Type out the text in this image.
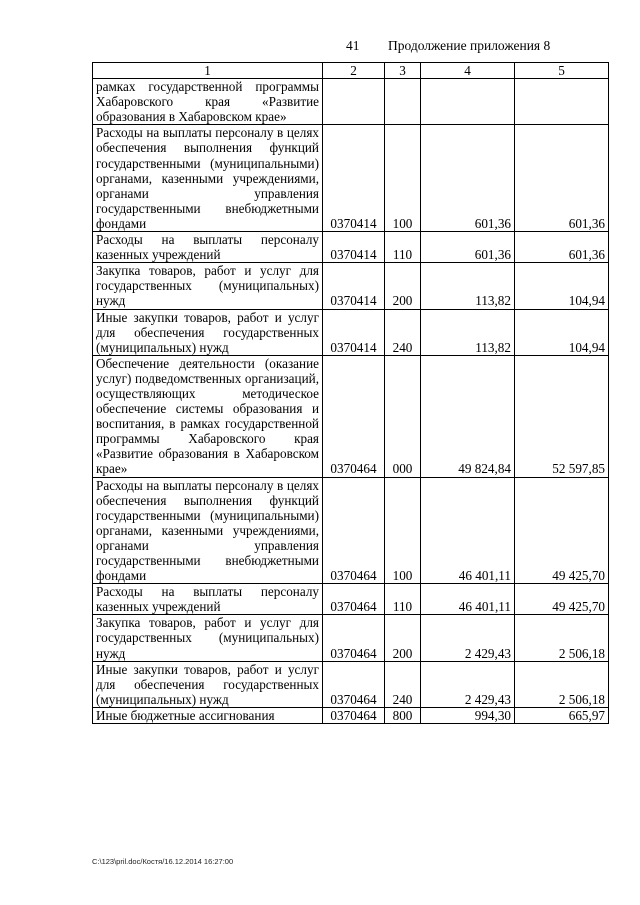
41 Продолжение приложения 8
1	2	3	4	5
рамках государственной программы Хабаровского края «Развитие образования в Хабаровском крае»				
Расходы на выплаты персоналу в целях обеспечения выполнения функций государственными (муниципальными) органами, казенными учреждениями, органами управления государственными внебюджетными фондами	0370414	100	601,36	601,36
Расходы на выплаты персоналу казенных учреждений	0370414	110	601,36	601,36
Закупка товаров, работ и услуг для государственных (муниципальных) нужд	0370414	200	113,82	104,94
Иные закупки товаров, работ и услуг для обеспечения государственных (муниципальных) нужд	0370414	240	113,82	104,94
Обеспечение деятельности (оказание услуг) подведомственных организаций, осуществляющих методическое обеспечение системы образования и воспитания, в рамках государственной программы Хабаровского края «Развитие образования в Хабаровском крае»	0370464	000	49 824,84	52 597,85
Расходы на выплаты персоналу в целях обеспечения выполнения функций государственными (муниципальными) органами, казенными учреждениями, органами управления государственными внебюджетными фондами	0370464	100	46 401,11	49 425,70
Расходы на выплаты персоналу казенных учреждений	0370464	110	46 401,11	49 425,70
Закупка товаров, работ и услуг для государственных (муниципальных) нужд	0370464	200	2 429,43	2 506,18
Иные закупки товаров, работ и услуг для обеспечения государственных (муниципальных) нужд	0370464	240	2 429,43	2 506,18
Иные бюджетные ассигнования	0370464	800	994,30	665,97
C:\123\pril.doc/Костя/16.12.2014 16:27:00
